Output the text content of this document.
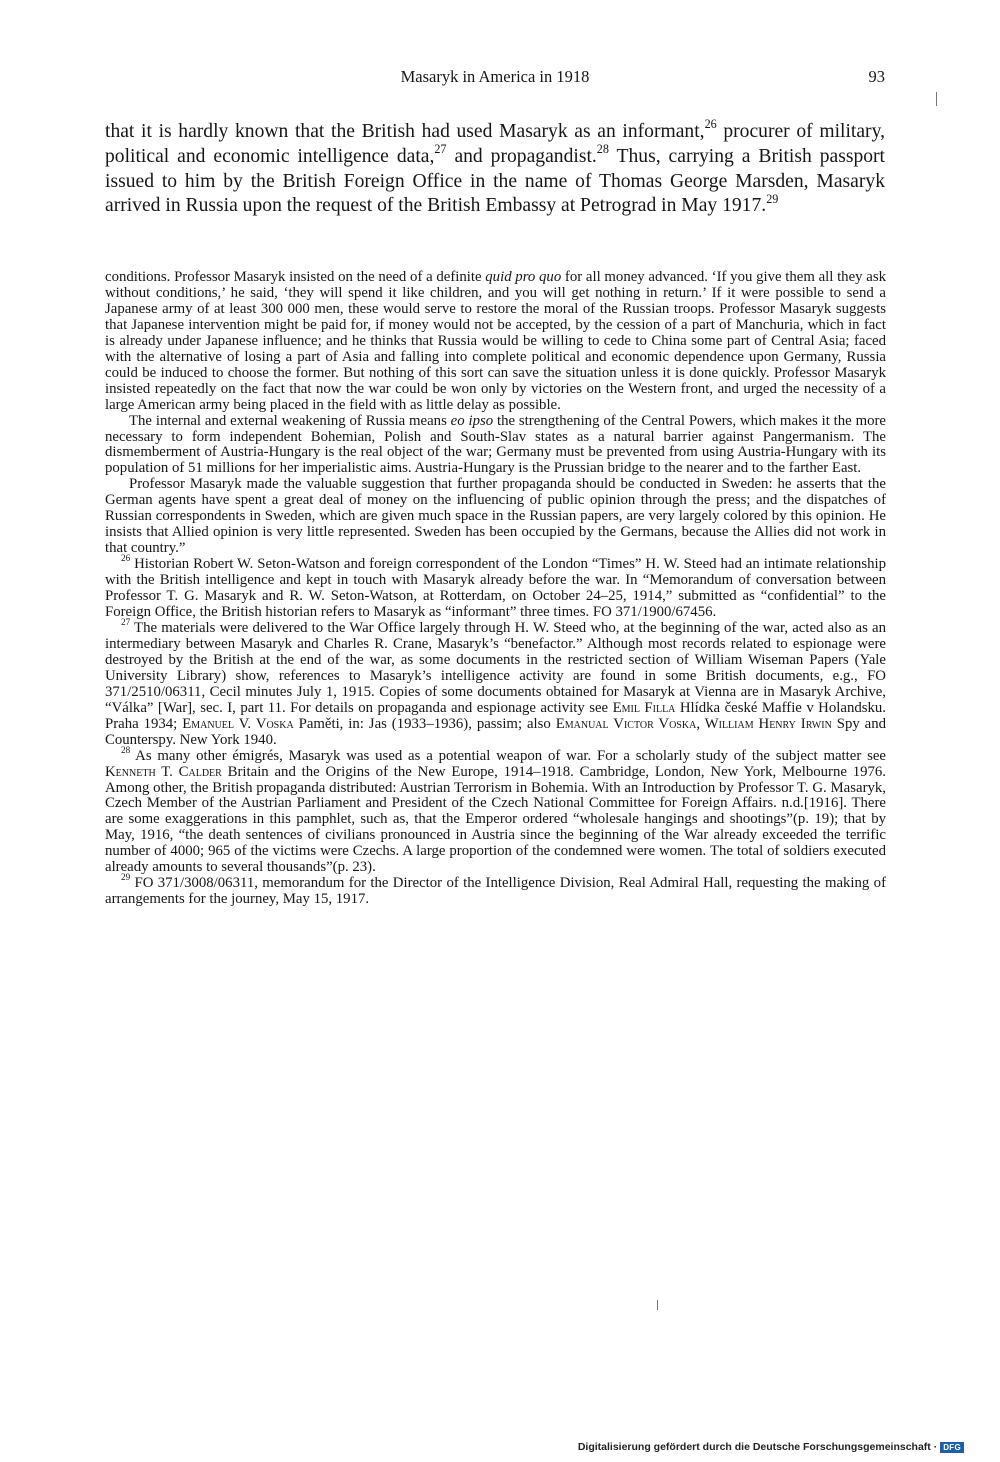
Masaryk in America in 1918	93

that it is hardly known that the British had used Masaryk as an informant,$^{26}$ procurer of military, political and economic intelligence data,$^{27}$ and propagandist.$^{28}$ Thus, carrying a British passport issued to him by the British Foreign Office in the name of Thomas George Marsden, Masaryk arrived in Russia upon the request of the British Embassy at Petrograd in May 1917.29

conditions. Professor Masaryk insisted on the need of a definite quid pro quo for all money advanced. ‘If you give them all they ask without conditions,’ he said, ‘they will spend it like children, and you will get nothing in return.’ If it were possible to send a Japanese army of at least 300 000 men, these would serve to restore the moral of the Russian troops. Professor Masaryk suggests that Japanese intervention might be paid for, if money would not be accepted, by the cession of a part of Manchuria, which in fact is already under Japanese influence; and he thinks that Russia would be willing to cede to China some part of Central Asia; faced with the alternative of losing a part of Asia and falling into complete political and economic dependence upon Germany, Russia could be induced to choose the former. But nothing of this sort can save the situation unless it is done quickly. Professor Masaryk insisted repeatedly on the fact that now the war could be won only by victories on the Western front, and urged the necessity of a large American army being placed in the field with as little delay as possible.

The internal and external weakening of Russia means eo ipso the strengthening of the Central Powers, which makes it the more necessary to form independent Bohemian, Polish and South-Slav states as a natural barrier against Pangermanism. The dismemberment of Austria-Hungary is the real object of the war; Germany must be prevented from using Austria-Hungary with its population of 51 millions for her imperialistic aims. Austria-Hungary is the Prussian bridge to the nearer and to the farther East.

Professor Masaryk made the valuable suggestion that further propaganda should be conducted in Sweden: he asserts that the German agents have spent a great deal of money on the influencing of public opinion through the press; and the dispatches of Russian correspondents in Sweden, which are given much space in the Russian papers, are very largely colored by this opinion. He insists that Allied opinion is very little represented. Sweden has been occupied by the Germans, because the Allies did not work in that country.”

$^{26}$ Historian Robert W. Seton-Watson and foreign correspondent of the London “Times” H. W. Steed had an intimate relationship with the British intelligence and kept in touch with Masaryk already before the war. In “Memorandum of conversation between Professor T. G. Masaryk and R. W. Seton-Watson, at Rotterdam, on October 24–25, 1914,” submitted as “confidential” to the Foreign Office, the British historian refers to Masaryk as “informant” three times. FO 371/1900/67456.

$^{27}$ The materials were delivered to the War Office largely through H. W. Steed who, at the beginning of the war, acted also as an intermediary between Masaryk and Charles R. Crane, Masaryk’s “benefactor.” Although most records related to espionage were destroyed by the British at the end of the war, as some documents in the restricted section of William Wiseman Papers (Yale University Library) show, references to Masaryk’s intelligence activity are found in some British documents, e.g., FO 371/2510/06311, Cecil minutes July 1, 1915. Copies of some documents obtained for Masaryk at Vienna are in Masaryk Archive, “Válka” [War], sec. I, part 11. For details on propaganda and espionage activity see Emil Filla Hlídka české Maffie v Holandsku. Praha 1934; Emanuel V. Voska Paměti, in: Jas (1933–1936), passim; also Emanual Victor Voska, William Henry Irwin Spy and Counterspy. New York 1940.

$^{28}$ As many other émigrés, Masaryk was used as a potential weapon of war. For a scholarly study of the subject matter see Kenneth T. Calder Britain and the Origins of the New Europe, 1914–1918. Cambridge, London, New York, Melbourne 1976. Among other, the British propaganda distributed: Austrian Terrorism in Bohemia. With an Introduction by Professor T. G. Masaryk, Czech Member of the Austrian Parliament and President of the Czech National Committee for Foreign Affairs. n.d.[1916]. There are some exaggerations in this pamphlet, such as, that the Emperor ordered “wholesale hangings and shootings”(p. 19); that by May, 1916, “the death sentences of civilians pronounced in Austria since the beginning of the War already exceeded the terrific number of 4000; 965 of the victims were Czechs. A large proportion of the condemned were women. The total of soldiers executed already amounts to several thousands”(p. 23).

$^{29}$ FO 371/3008/06311, memorandum for the Director of the Intelligence Division, Real Admiral Hall, requesting the making of arrangements for the journey, May 15, 1917.

Digitalisierung gefördert durch die Deutsche Forschungsgemeinschaft · DFG
